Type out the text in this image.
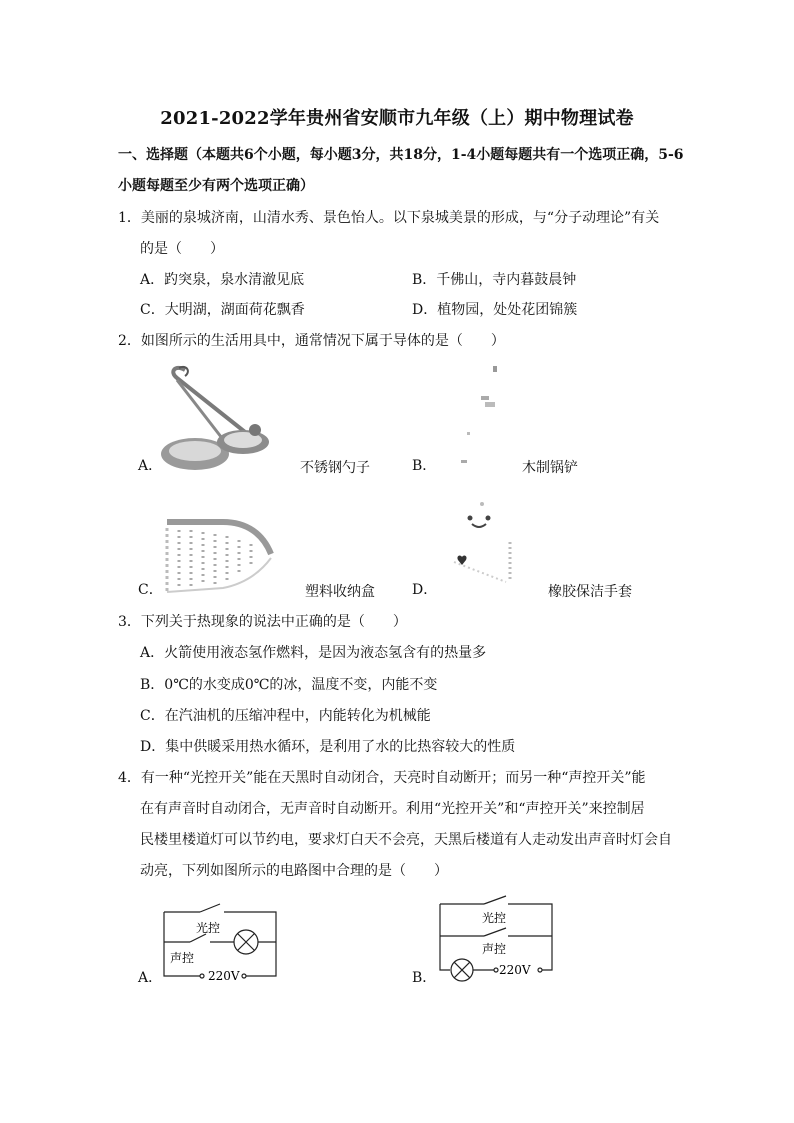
2021-2022学年贵州省安顺市九年级（上）期中物理试卷
一、选择题（本题共6个小题，每小题3分，共18分，1-4小题每题共有一个选项正确，5-6
小题每题至少有两个选项正确）
1．美丽的泉城济南，山清水秀、景色怡人。以下泉城美景的形成，与“分子动理论”有关
的是（　　）
A．趵突泉，泉水清澈见底	B．千佛山，寺内暮鼓晨钟
C．大明湖，湖面荷花飘香	D．植物园，处处花团锦簇
2．如图所示的生活用具中，通常情况下属于导体的是（　　）
A．	不锈钢勺子	B．	木制锅铲
C．	塑料收纳盒	D．	橡胶保洁手套
3．下列关于热现象的说法中正确的是（　　）
A．火箭使用液态氢作燃料，是因为液态氢含有的热量多
B．0℃的水变成0℃的冰，温度不变，内能不变
C．在汽油机的压缩冲程中，内能转化为机械能
D．集中供暖采用热水循环，是利用了水的比热容较大的性质
4．有一种“光控开关”能在天黑时自动闭合，天亮时自动断开；而另一种“声控开关”能
在有声音时自动闭合，无声音时自动断开。利用“光控开关”和“声控开关”来控制居
民楼里楼道灯可以节约电，要求灯白天不会亮，天黑后楼道有人走动发出声音时灯会自
动亮，下列如图所示的电路图中合理的是（　　）
A．
光控
声控
220V	B．
光控
声控
220V
